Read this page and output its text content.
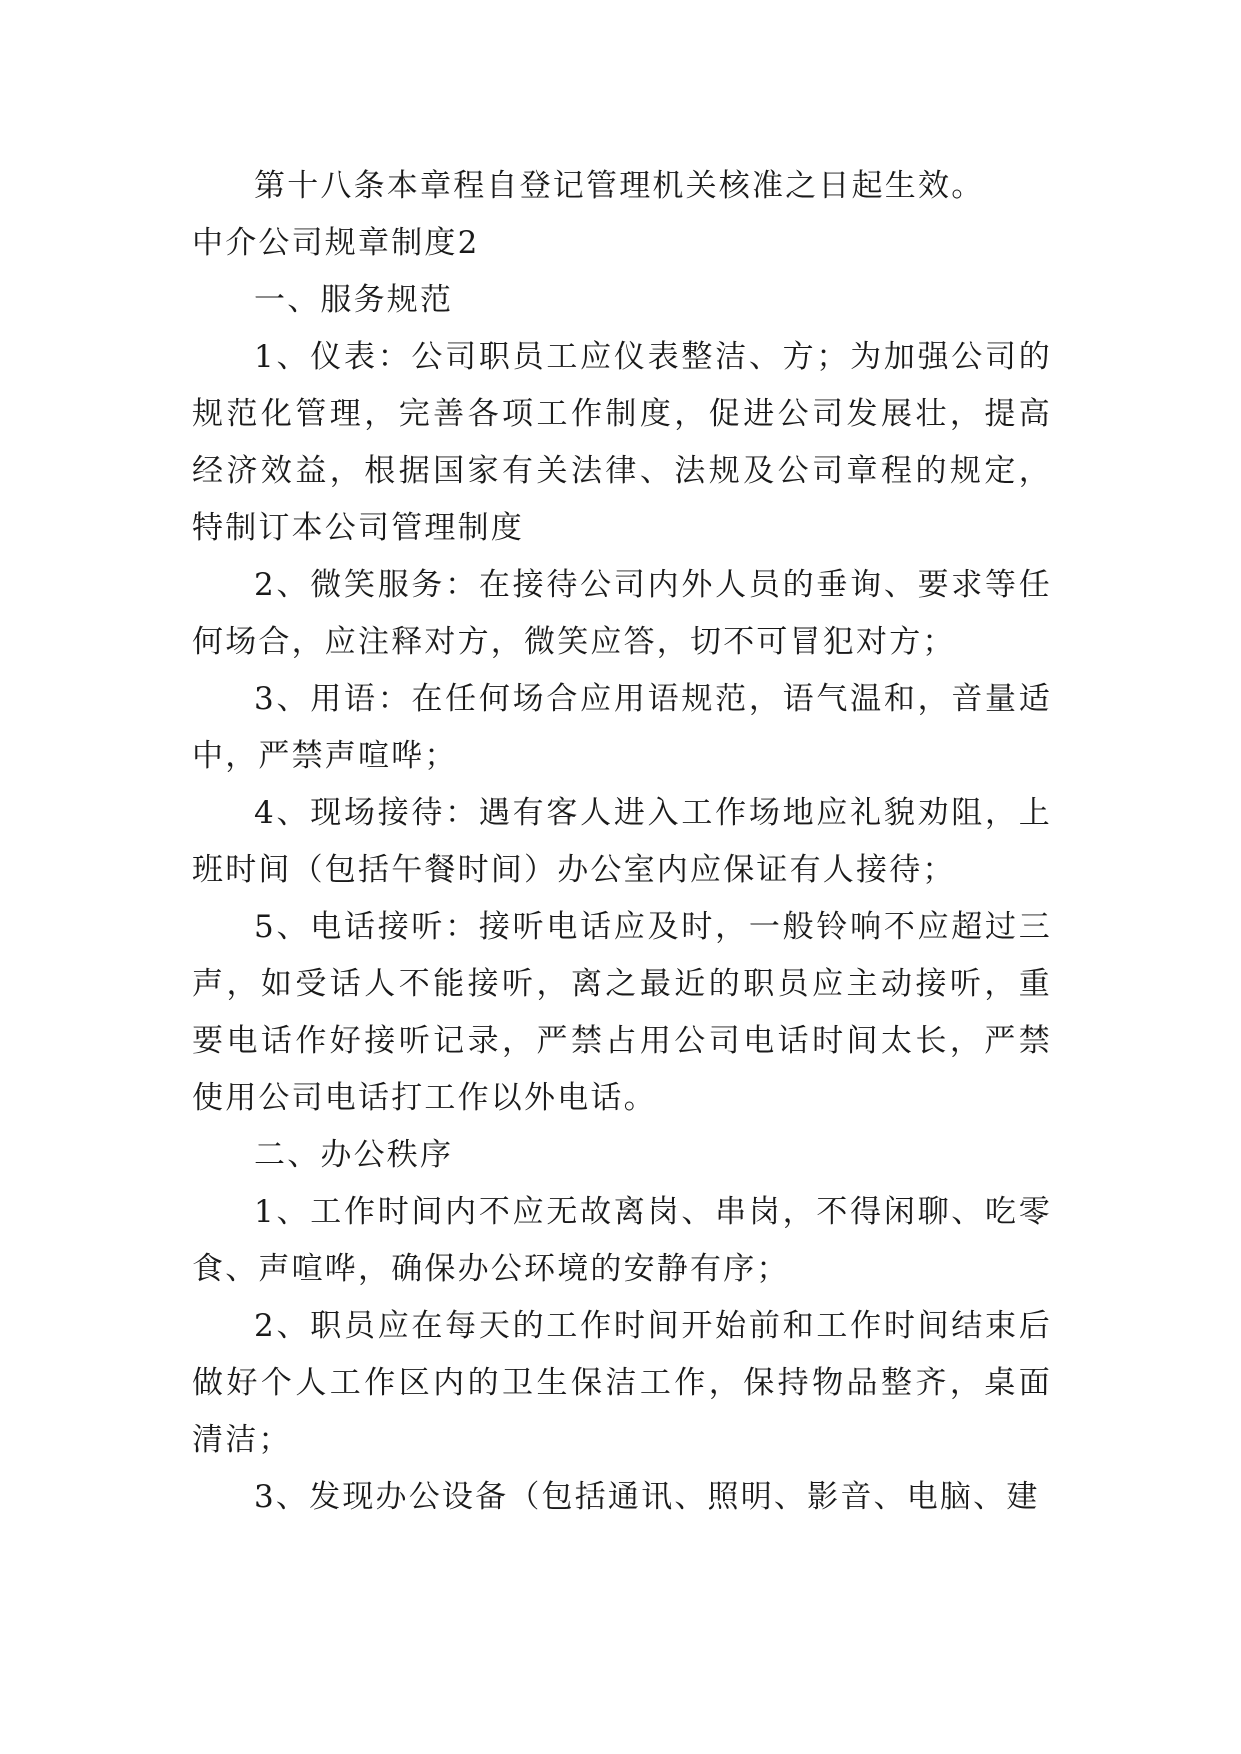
第十八条本章程自登记管理机关核准之日起生效。

中介公司规章制度2

一、服务规范

1、仪表：公司职员工应仪表整洁、方；为加强公司的规范化管理，完善各项工作制度，促进公司发展壮，提高经济效益，根据国家有关法律、法规及公司章程的规定，特制订本公司管理制度

2、微笑服务：在接待公司内外人员的垂询、要求等任何场合，应注释对方，微笑应答，切不可冒犯对方；

3、用语：在任何场合应用语规范，语气温和，音量适中，严禁声喧哗；

4、现场接待：遇有客人进入工作场地应礼貌劝阻，上班时间（包括午餐时间）办公室内应保证有人接待；

5、电话接听：接听电话应及时，一般铃响不应超过三声，如受话人不能接听，离之最近的职员应主动接听，重要电话作好接听记录，严禁占用公司电话时间太长，严禁使用公司电话打工作以外电话。

二、办公秩序

1、工作时间内不应无故离岗、串岗，不得闲聊、吃零食、声喧哗，确保办公环境的安静有序；

2、职员应在每天的工作时间开始前和工作时间结束后做好个人工作区内的卫生保洁工作，保持物品整齐，桌面清洁；

3、发现办公设备（包括通讯、照明、影音、电脑、建
